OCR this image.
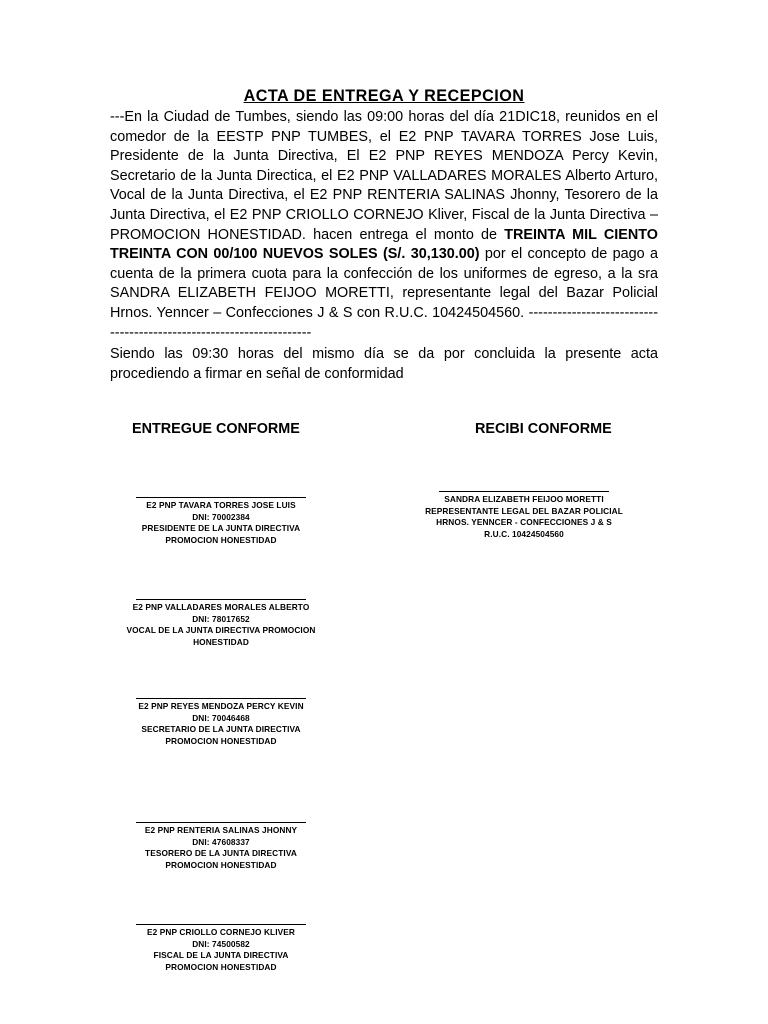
ACTA DE ENTREGA Y RECEPCION
---En la Ciudad de Tumbes, siendo las 09:00 horas del día 21DIC18, reunidos en el comedor de la EESTP PNP TUMBES, el E2 PNP TAVARA TORRES Jose Luis, Presidente de la Junta Directiva, El E2 PNP REYES MENDOZA Percy Kevin, Secretario de la Junta Directica, el E2 PNP VALLADARES MORALES Alberto Arturo, Vocal de la Junta Directiva, el E2 PNP RENTERIA SALINAS Jhonny, Tesorero de la Junta Directiva, el E2 PNP CRIOLLO CORNEJO Kliver, Fiscal de la Junta Directiva – PROMOCION HONESTIDAD. hacen entrega el monto de TREINTA MIL CIENTO TREINTA CON 00/100 NUEVOS SOLES (S/. 30,130.00) por el concepto de pago a cuenta de la primera cuota para la confección de los uniformes de egreso, a la sra SANDRA ELIZABETH FEIJOO MORETTI, representante legal del Bazar Policial Hrnos. Yenncer – Confecciones J & S con R.U.C. 10424504560. ---------------------------------------------------------------------
Siendo las 09:30 horas del mismo día se da por concluida la presente acta procediendo a firmar en señal de conformidad
ENTREGUE CONFORME	RECIBI CONFORME
E2 PNP TAVARA TORRES JOSE LUIS
DNI: 70002384
PRESIDENTE DE LA JUNTA DIRECTIVA
PROMOCION HONESTIDAD
E2 PNP VALLADARES MORALES ALBERTO
DNI: 78017652
VOCAL DE LA JUNTA DIRECTIVA PROMOCION
HONESTIDAD
E2 PNP REYES MENDOZA PERCY KEVIN
DNI: 70046468
SECRETARIO DE LA JUNTA DIRECTIVA
PROMOCION HONESTIDAD
E2 PNP RENTERIA SALINAS JHONNY
DNI: 47608337
TESORERO DE LA JUNTA DIRECTIVA
PROMOCION HONESTIDAD
E2 PNP CRIOLLO CORNEJO KLIVER
DNI: 74500582
FISCAL DE LA JUNTA DIRECTIVA
PROMOCION HONESTIDAD
SANDRA ELIZABETH FEIJOO MORETTI
REPRESENTANTE LEGAL DEL BAZAR POLICIAL
HRNOS. YENNCER - CONFECCIONES J & S
R.U.C. 10424504560
